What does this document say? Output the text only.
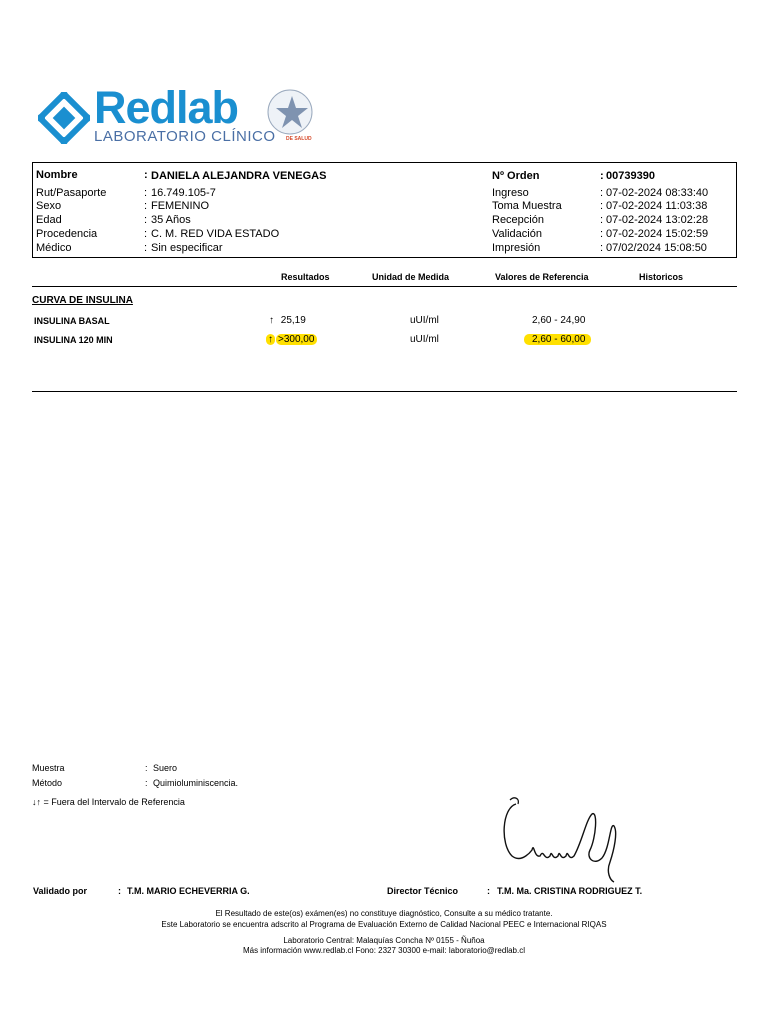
Redlab
LABORATORIO CLÍNICO DE SALUD
Nombre	: DANIELA ALEJANDRA VENEGAS
Rut/Pasaporte	: 16.749.105-7
Sexo	: FEMENINO
Edad	: 35 Años
Procedencia	: C. M. RED VIDA ESTADO
Médico	: Sin especificar
Nº Orden	: 00739390
Ingreso	: 07-02-2024 08:33:40
Toma Muestra	: 07-02-2024 11:03:38
Recepción	: 07-02-2024 13:02:28
Validación	: 07-02-2024 15:02:59
Impresión	: 07/02/2024 15:08:50
Resultados	Unidad de Medida	Valores de Referencia	Historicos
CURVA DE INSULINA
INSULINA BASAL	↑ 25,19	uUI/ml	2,60 - 24,90
INSULINA 120 MIN	↑ >300,00	uUI/ml	2,60 - 60,00
Muestra	: Suero
Método	: Quimioluminiscencia.
↓↑ = Fuera del Intervalo de Referencia
Validado por	: T.M. MARIO ECHEVERRIA G.	Director Técnico	: T.M. Ma. CRISTINA RODRIGUEZ T.
El Resultado de este(os) exámen(es) no constituye diagnóstico, Consulte a su médico tratante.
Este Laboratorio se encuentra adscrito al Programa de Evaluación Externo de Calidad Nacional PEEC e Internacional RIQAS
Laboratorio Central: Malaquías Concha Nº 0155 - Ñuñoa
Más información www.redlab.cl Fono: 2327 30300 e-mail: laboratorio@redlab.cl
